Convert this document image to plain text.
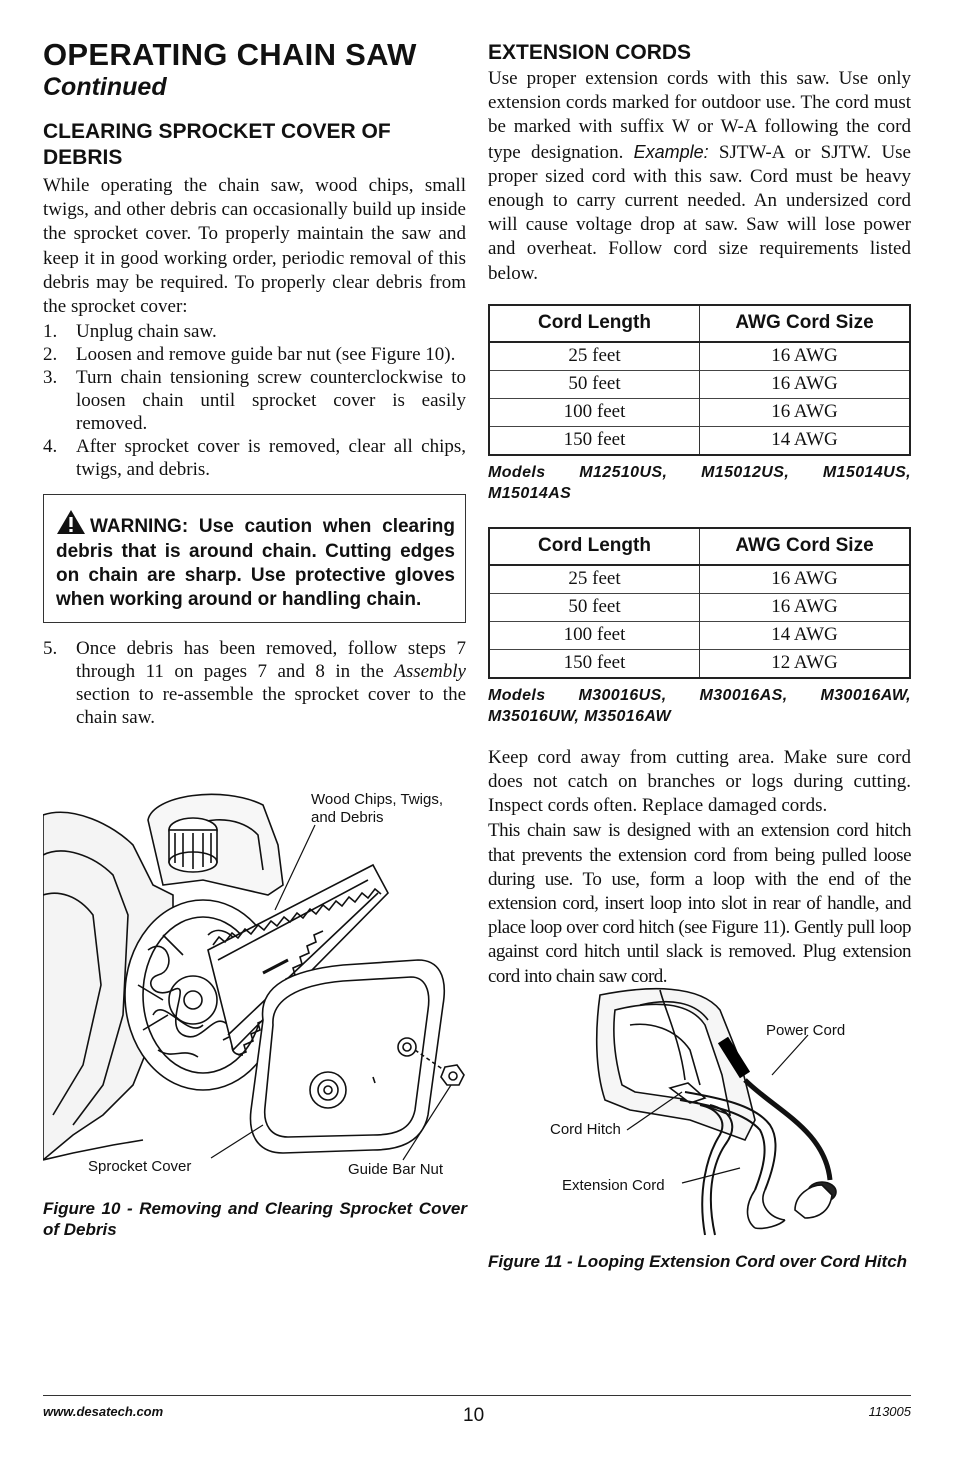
OPERATING CHAIN SAW
Continued
CLEARING SPROCKET COVER OF DEBRIS

While operating the chain saw, wood chips, small twigs, and other debris can occasionally build up inside the sprocket cover. To properly maintain the saw and keep it in good working order, periodic removal of this debris may be required. To properly clear debris from the sprocket cover:

1. Unplug chain saw.
2. Loosen and remove guide bar nut (see Figure 10).
3. Turn chain tensioning screw counterclockwise to loosen chain until sprocket cover is easily removed.
4. After sprocket cover is removed, clear all chips, twigs, and debris.

WARNING: Use caution when clearing debris that is around chain. Cutting edges on chain are sharp. Use protective gloves when working around or handling chain.

5. Once debris has been removed, follow steps 7 through 11 on pages 7 and 8 in the Assembly section to re-assemble the sprocket cover to the chain saw.
Wood Chips, Twigs,
and Debris
Sprocket Cover	Guide Bar Nut

Figure 10 - Removing and Clearing Sprocket Cover of Debris

EXTENSION CORDS

Use proper extension cords with this saw. Use only extension cords marked for outdoor use. The cord must be marked with suffix W or W-A following the cord type designation. Example: SJTW-A or SJTW. Use proper sized cord with this saw. Cord must be heavy enough to carry current needed. An undersized cord will cause voltage drop at saw. Saw will lose power and overheat. Follow cord size requirements listed below.

Cord Length	AWG Cord Size
25 feet	16 AWG
50 feet	16 AWG
100 feet	16 AWG
150 feet	14 AWG

Models M12510US, M15012US, M15014US, M15014AS

Cord Length	AWG Cord Size
25 feet	16 AWG
50 feet	16 AWG
100 feet	14 AWG
150 feet	12 AWG

Models M30016US, M30016AS, M30016AW, M35016UW, M35016AW

Keep cord away from cutting area. Make sure cord does not catch on branches or logs during cutting. Inspect cords often. Replace damaged cords.

This chain saw is designed with an extension cord hitch that prevents the extension cord from being pulled loose during use. To use, form a loop with the end of the extension cord, insert loop into slot in rear of handle, and place loop over cord hitch (see Figure 11). Gently pull loop against cord hitch until slack is removed. Plug extension cord into chain saw cord.

Power Cord
Cord Hitch
Extension Cord

Figure 11 - Looping Extension Cord over Cord Hitch

www.desatech.com	10	113005
